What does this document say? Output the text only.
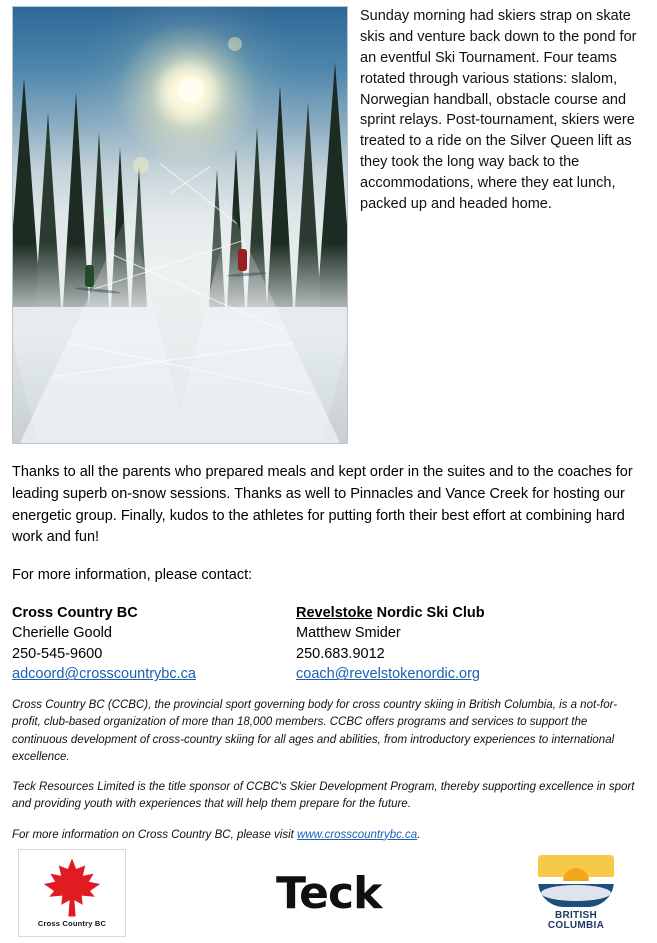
Sunday morning had skiers strap on skate skis and venture back down to the pond for an eventful Ski Tournament. Four teams rotated through various stations: slalom, Norwegian handball, obstacle course and sprint relays. Post-tournament, skiers were treated to a ride on the Silver Queen lift as they took the long way back to the accommodations, where they eat lunch, packed up and headed home.

Thanks to all the parents who prepared meals and kept order in the suites and to the coaches for leading superb on-snow sessions. Thanks as well to Pinnacles and Vance Creek for hosting our energetic group. Finally, kudos to the athletes for putting forth their best effort at combining hard work and fun!

For more information, please contact:

Cross Country BC
Cherielle Goold
250-545-9600
adcoord@crosscountrybc.ca
Revelstoke Nordic Ski Club
Matthew Smider
250.683.9012
coach@revelstokenordic.org

Cross Country BC (CCBC), the provincial sport governing body for cross country skiing in British Columbia, is a not-for-profit, club-based organization of more than 18,000 members. CCBC offers programs and services to support the continuous development of cross-country skiing for all ages and abilities, from introductory experiences to international excellence.

Teck Resources Limited is the title sponsor of CCBC's Skier Development Program, thereby supporting excellence in sport and providing youth with experiences that will help them prepare for the future.

For more information on Cross Country BC, please visit www.crosscountrybc.ca.

Cross Country BC
Teck	BRITISH
COLUMBIA
